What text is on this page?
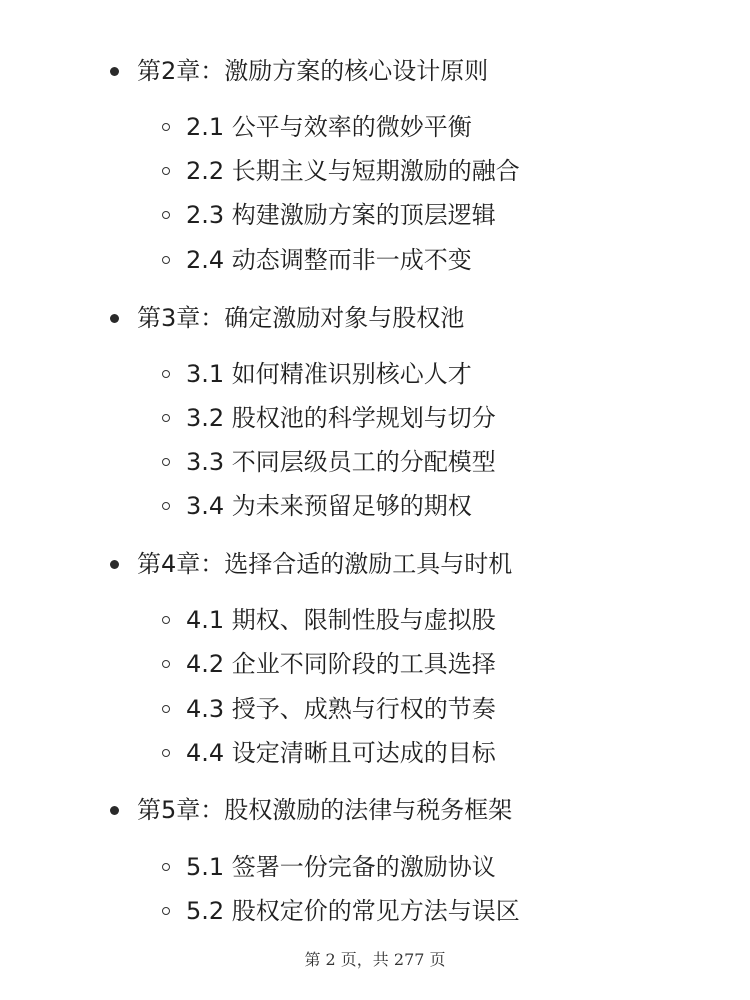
第2章：激励方案的核心设计原则
2.1 公平与效率的微妙平衡
2.2 长期主义与短期激励的融合
2.3 构建激励方案的顶层逻辑
2.4 动态调整而非一成不变
第3章：确定激励对象与股权池
3.1 如何精准识别核心人才
3.2 股权池的科学规划与切分
3.3 不同层级员工的分配模型
3.4 为未来预留足够的期权
第4章：选择合适的激励工具与时机
4.1 期权、限制性股与虚拟股
4.2 企业不同阶段的工具选择
4.3 授予、成熟与行权的节奏
4.4 设定清晰且可达成的目标
第5章：股权激励的法律与税务框架
5.1 签署一份完备的激励协议
5.2 股权定价的常见方法与误区
第 2 页，共 277 页
